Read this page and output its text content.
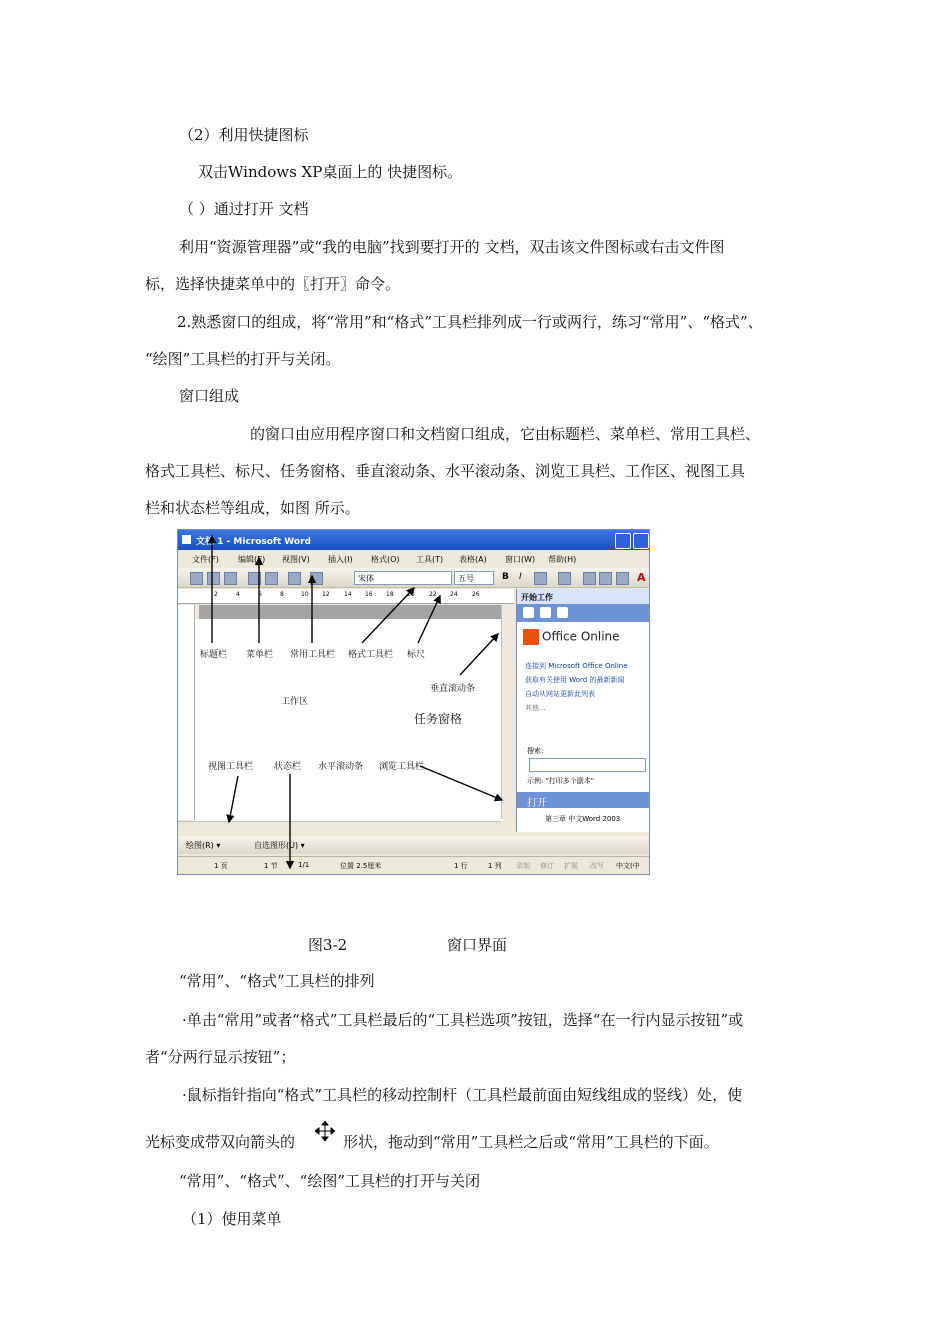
（2）利用快捷图标
双击Windows XP桌面上的 快捷图标。
（ ）通过打开 文档
利用“资源管理器”或“我的电脑”找到要打开的 文档，双击该文件图标或右击文件图
标，选择快捷菜单中的〖打开〗命令。
2.熟悉窗口的组成，将“常用”和“格式”工具栏排列成一行或两行，练习“常用”、“格式”、
“绘图”工具栏的打开与关闭。
窗口组成
的窗口由应用程序窗口和文档窗口组成，它由标题栏、菜单栏、常用工具栏、
格式工具栏、标尺、任务窗格、垂直滚动条、水平滚动条、浏览工具栏、工作区、视图工具
栏和状态栏等组成，如图 所示。
文档 1 - Microsoft Word
文件(F) 编辑(E) 视图(V) 插入(I) 格式(O) 工具(T) 表格(A) 窗口(W) 帮助(H)
宋体	五号	B I	A
2	4	6	8	10 12 14 16 18 20 22 24 26	开始工作
Office Online
连接到 Microsoft Office Online
获取有关使用 Word 的最新新闻
自动从网站更新此列表
其他...
搜索:
示例: "打印多个副本"
打开
第三章 中文Word 2003
绘图(R) ▾	自选图形(U) ▾
1 页	1 节	1/1	位置 2.5厘米	1 行	1 列 录制 修订 扩展 改写 中文(中
标题栏 菜单栏 常用工具栏 格式工具栏 标尺
垂直滚动条
工作区
任务窗格
视图工具栏 状态栏 水平滚动条 浏览工具栏
图3-2	窗口界面
“常用”、“格式”工具栏的排列
·单击“常用”或者“格式”工具栏最后的“工具栏选项”按钮，选择“在一行内显示按钮”或
者“分两行显示按钮”；
·鼠标指针指向“格式”工具栏的移动控制杆（工具栏最前面由短线组成的竖线）处，使
光标变成带双向箭头的	形状，拖动到“常用”工具栏之后或“常用”工具栏的下面。
“常用”、“格式”、“绘图”工具栏的打开与关闭
（1）使用菜单
